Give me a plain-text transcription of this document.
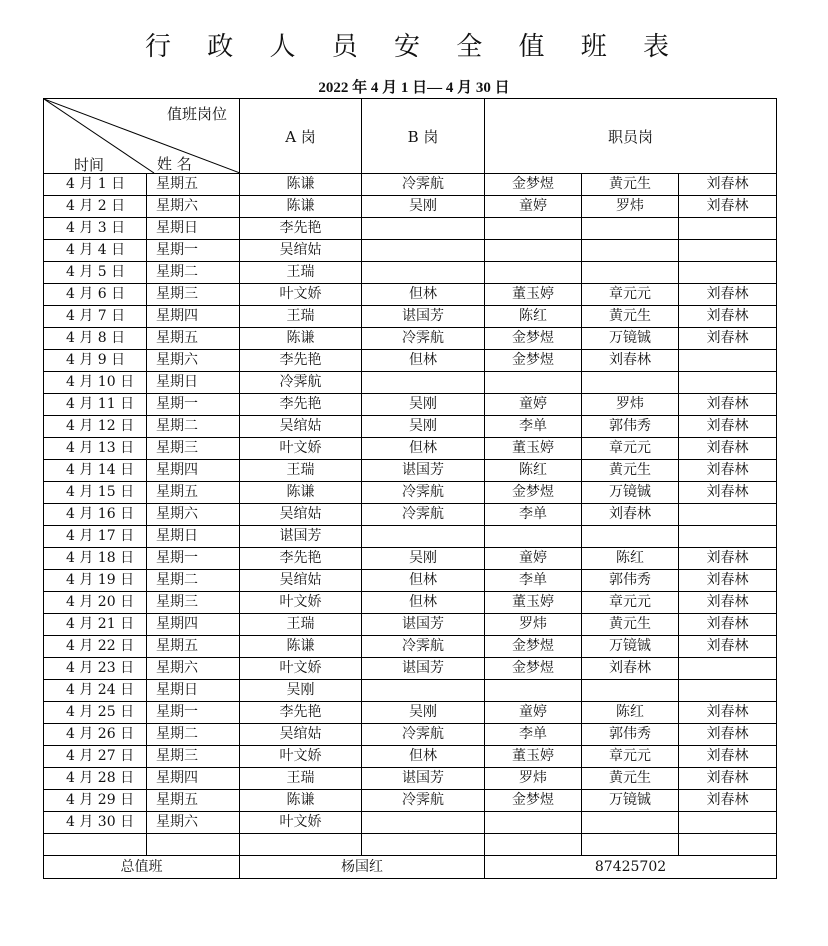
行 政 人 员 安 全 值 班 表
2022 年 4 月 1 日— 4 月 30 日
值班岗位
姓 名
时间		A 岗	B 岗	职员岗		
4 月 1 日	星期五	陈谦	冷霁航	金梦煜	黄元生	刘春林
4 月 2 日	星期六	陈谦	吴刚	童婷	罗炜	刘春林
4 月 3 日	星期日	李先艳				
4 月 4 日	星期一	吴绾姑				
4 月 5 日	星期二	王瑞				
4 月 6 日	星期三	叶文娇	但林	董玉婷	章元元	刘春林
4 月 7 日	星期四	王瑞	谌国芳	陈红	黄元生	刘春林
4 月 8 日	星期五	陈谦	冷霁航	金梦煜	万镜铖	刘春林
4 月 9 日	星期六	李先艳	但林	金梦煜	刘春林	
4 月 10 日	星期日	冷霁航				
4 月 11 日	星期一	李先艳	吴刚	童婷	罗炜	刘春林
4 月 12 日	星期二	吴绾姑	吴刚	李单	郭伟秀	刘春林
4 月 13 日	星期三	叶文娇	但林	董玉婷	章元元	刘春林
4 月 14 日	星期四	王瑞	谌国芳	陈红	黄元生	刘春林
4 月 15 日	星期五	陈谦	冷霁航	金梦煜	万镜铖	刘春林
4 月 16 日	星期六	吴绾姑	冷霁航	李单	刘春林	
4 月 17 日	星期日	谌国芳				
4 月 18 日	星期一	李先艳	吴刚	童婷	陈红	刘春林
4 月 19 日	星期二	吴绾姑	但林	李单	郭伟秀	刘春林
4 月 20 日	星期三	叶文娇	但林	董玉婷	章元元	刘春林
4 月 21 日	星期四	王瑞	谌国芳	罗炜	黄元生	刘春林
4 月 22 日	星期五	陈谦	冷霁航	金梦煜	万镜铖	刘春林
4 月 23 日	星期六	叶文娇	谌国芳	金梦煜	刘春林	
4 月 24 日	星期日	吴刚				
4 月 25 日	星期一	李先艳	吴刚	童婷	陈红	刘春林
4 月 26 日	星期二	吴绾姑	冷霁航	李单	郭伟秀	刘春林
4 月 27 日	星期三	叶文娇	但林	董玉婷	章元元	刘春林
4 月 28 日	星期四	王瑞	谌国芳	罗炜	黄元生	刘春林
4 月 29 日	星期五	陈谦	冷霁航	金梦煜	万镜铖	刘春林
4 月 30 日	星期六	叶文娇				

总值班		杨国红		87425702		
